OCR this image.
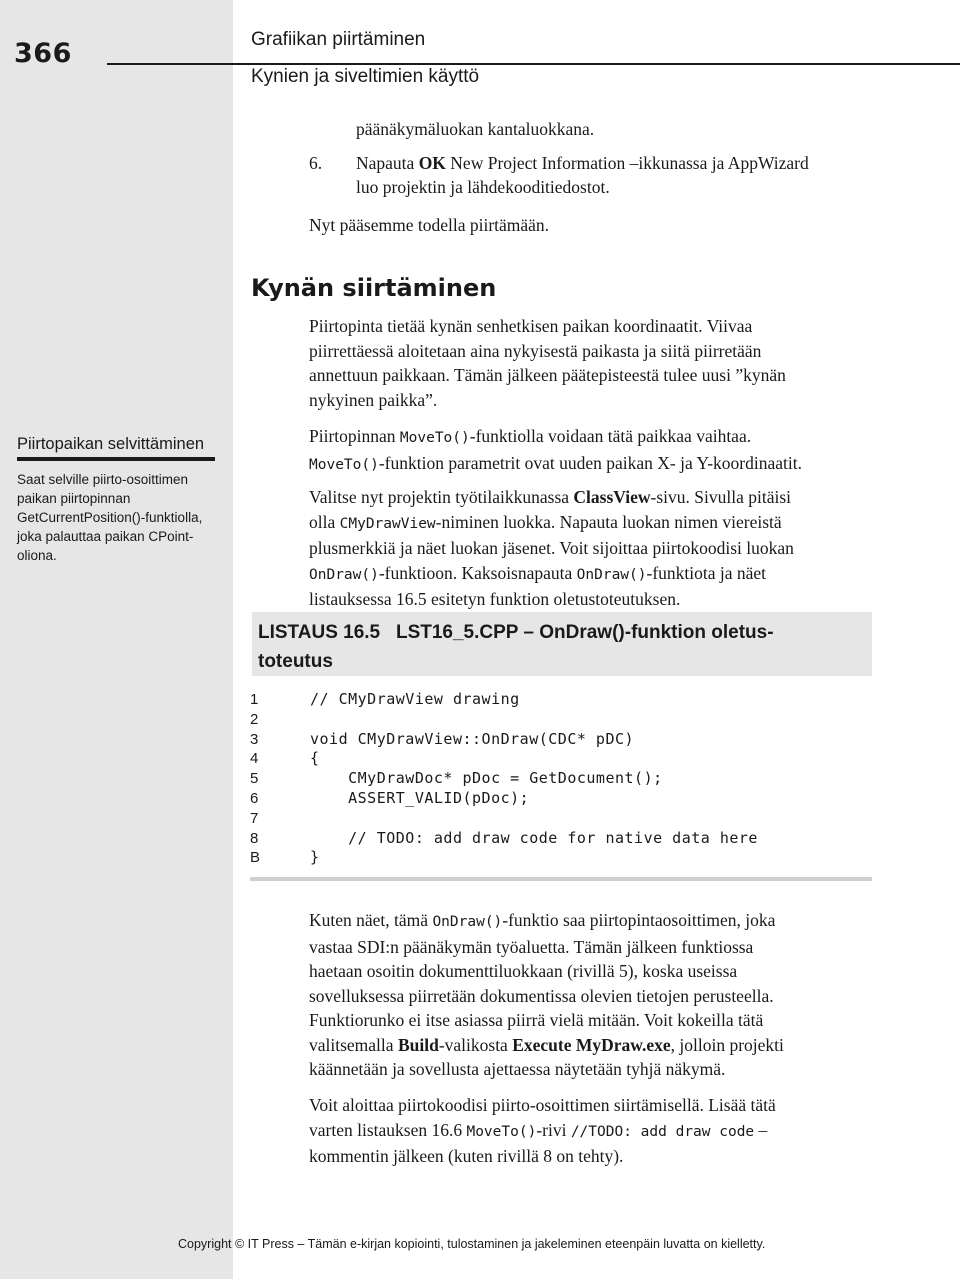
366	Grafiikan piirtäminen
Kynien ja siveltimien käyttö

päänäkymäluokan kantaluokkana.

6. Napauta OK New Project Information –ikkunassa ja AppWizard

luo projektin ja lähdekooditiedostot.

Nyt pääsemme todella piirtämään.

Kynän siirtäminen
Piirtopinta tietää kynän senhetkisen paikan koordinaatit. Viivaa
piirrettäessä aloitetaan aina nykyisestä paikasta ja siitä piirretään
annettuun paikkaan. Tämän jälkeen päätepisteestä tulee uusi ”kynän
nykyinen paikka”.
Piirtopaikan selvittäminen

Saat selville piirto-osoittimen paikan piirtopinnan GetCurrentPosition()-funktiolla, joka palauttaa paikan CPoint-oliona.

Piirtopinnan MoveTo()-funktiolla voidaan tätä paikkaa vaihtaa.
MoveTo()-funktion parametrit ovat uuden paikan X- ja Y-koordinaatit.
Valitse nyt projektin työtilaikkunassa ClassView-sivu. Sivulla pitäisi
olla CMyDrawView-niminen luokka. Napauta luokan nimen viereistä
plusmerkkiä ja näet luokan jäsenet. Voit sijoittaa piirtokoodisi luokan
OnDraw()-funktioon. Kaksoisnapauta OnDraw()-funktiota ja näet
listauksessa 16.5 esitetyn funktion oletustoteutuksen.
LISTAUS 16.5   LST16_5.CPP – OnDraw()-funktion oletus-
toteutus
1	// CMyDrawView drawing
2
3	void CMyDrawView::OnDraw(CDC* pDC)
4	{
5	CMyDrawDoc* pDoc = GetDocument();
6	ASSERT_VALID(pDoc);
7
8	// TODO: add draw code for native data here
B	}
Kuten näet, tämä OnDraw()-funktio saa piirtopintaosoittimen, joka
vastaa SDI:n päänäkymän työaluetta. Tämän jälkeen funktiossa
haetaan osoitin dokumenttiluokkaan (rivillä 5), koska useissa
sovelluksessa piirretään dokumentissa olevien tietojen perusteella.
Funktiorunko ei itse asiassa piirrä vielä mitään. Voit kokeilla tätä
valitsemalla Build-valikosta Execute MyDraw.exe, jolloin projekti
käännetään ja sovellusta ajettaessa näytetään tyhjä näkymä.
Voit aloittaa piirtokoodisi piirto-osoittimen siirtämisellä. Lisää tätä
varten listauksen 16.6 MoveTo()-rivi //TODO: add draw code –
kommentin jälkeen (kuten rivillä 8 on tehty).
Copyright © IT Press – Tämän e-kirjan kopiointi, tulostaminen ja jakeleminen eteenpäin luvatta on kielletty.
